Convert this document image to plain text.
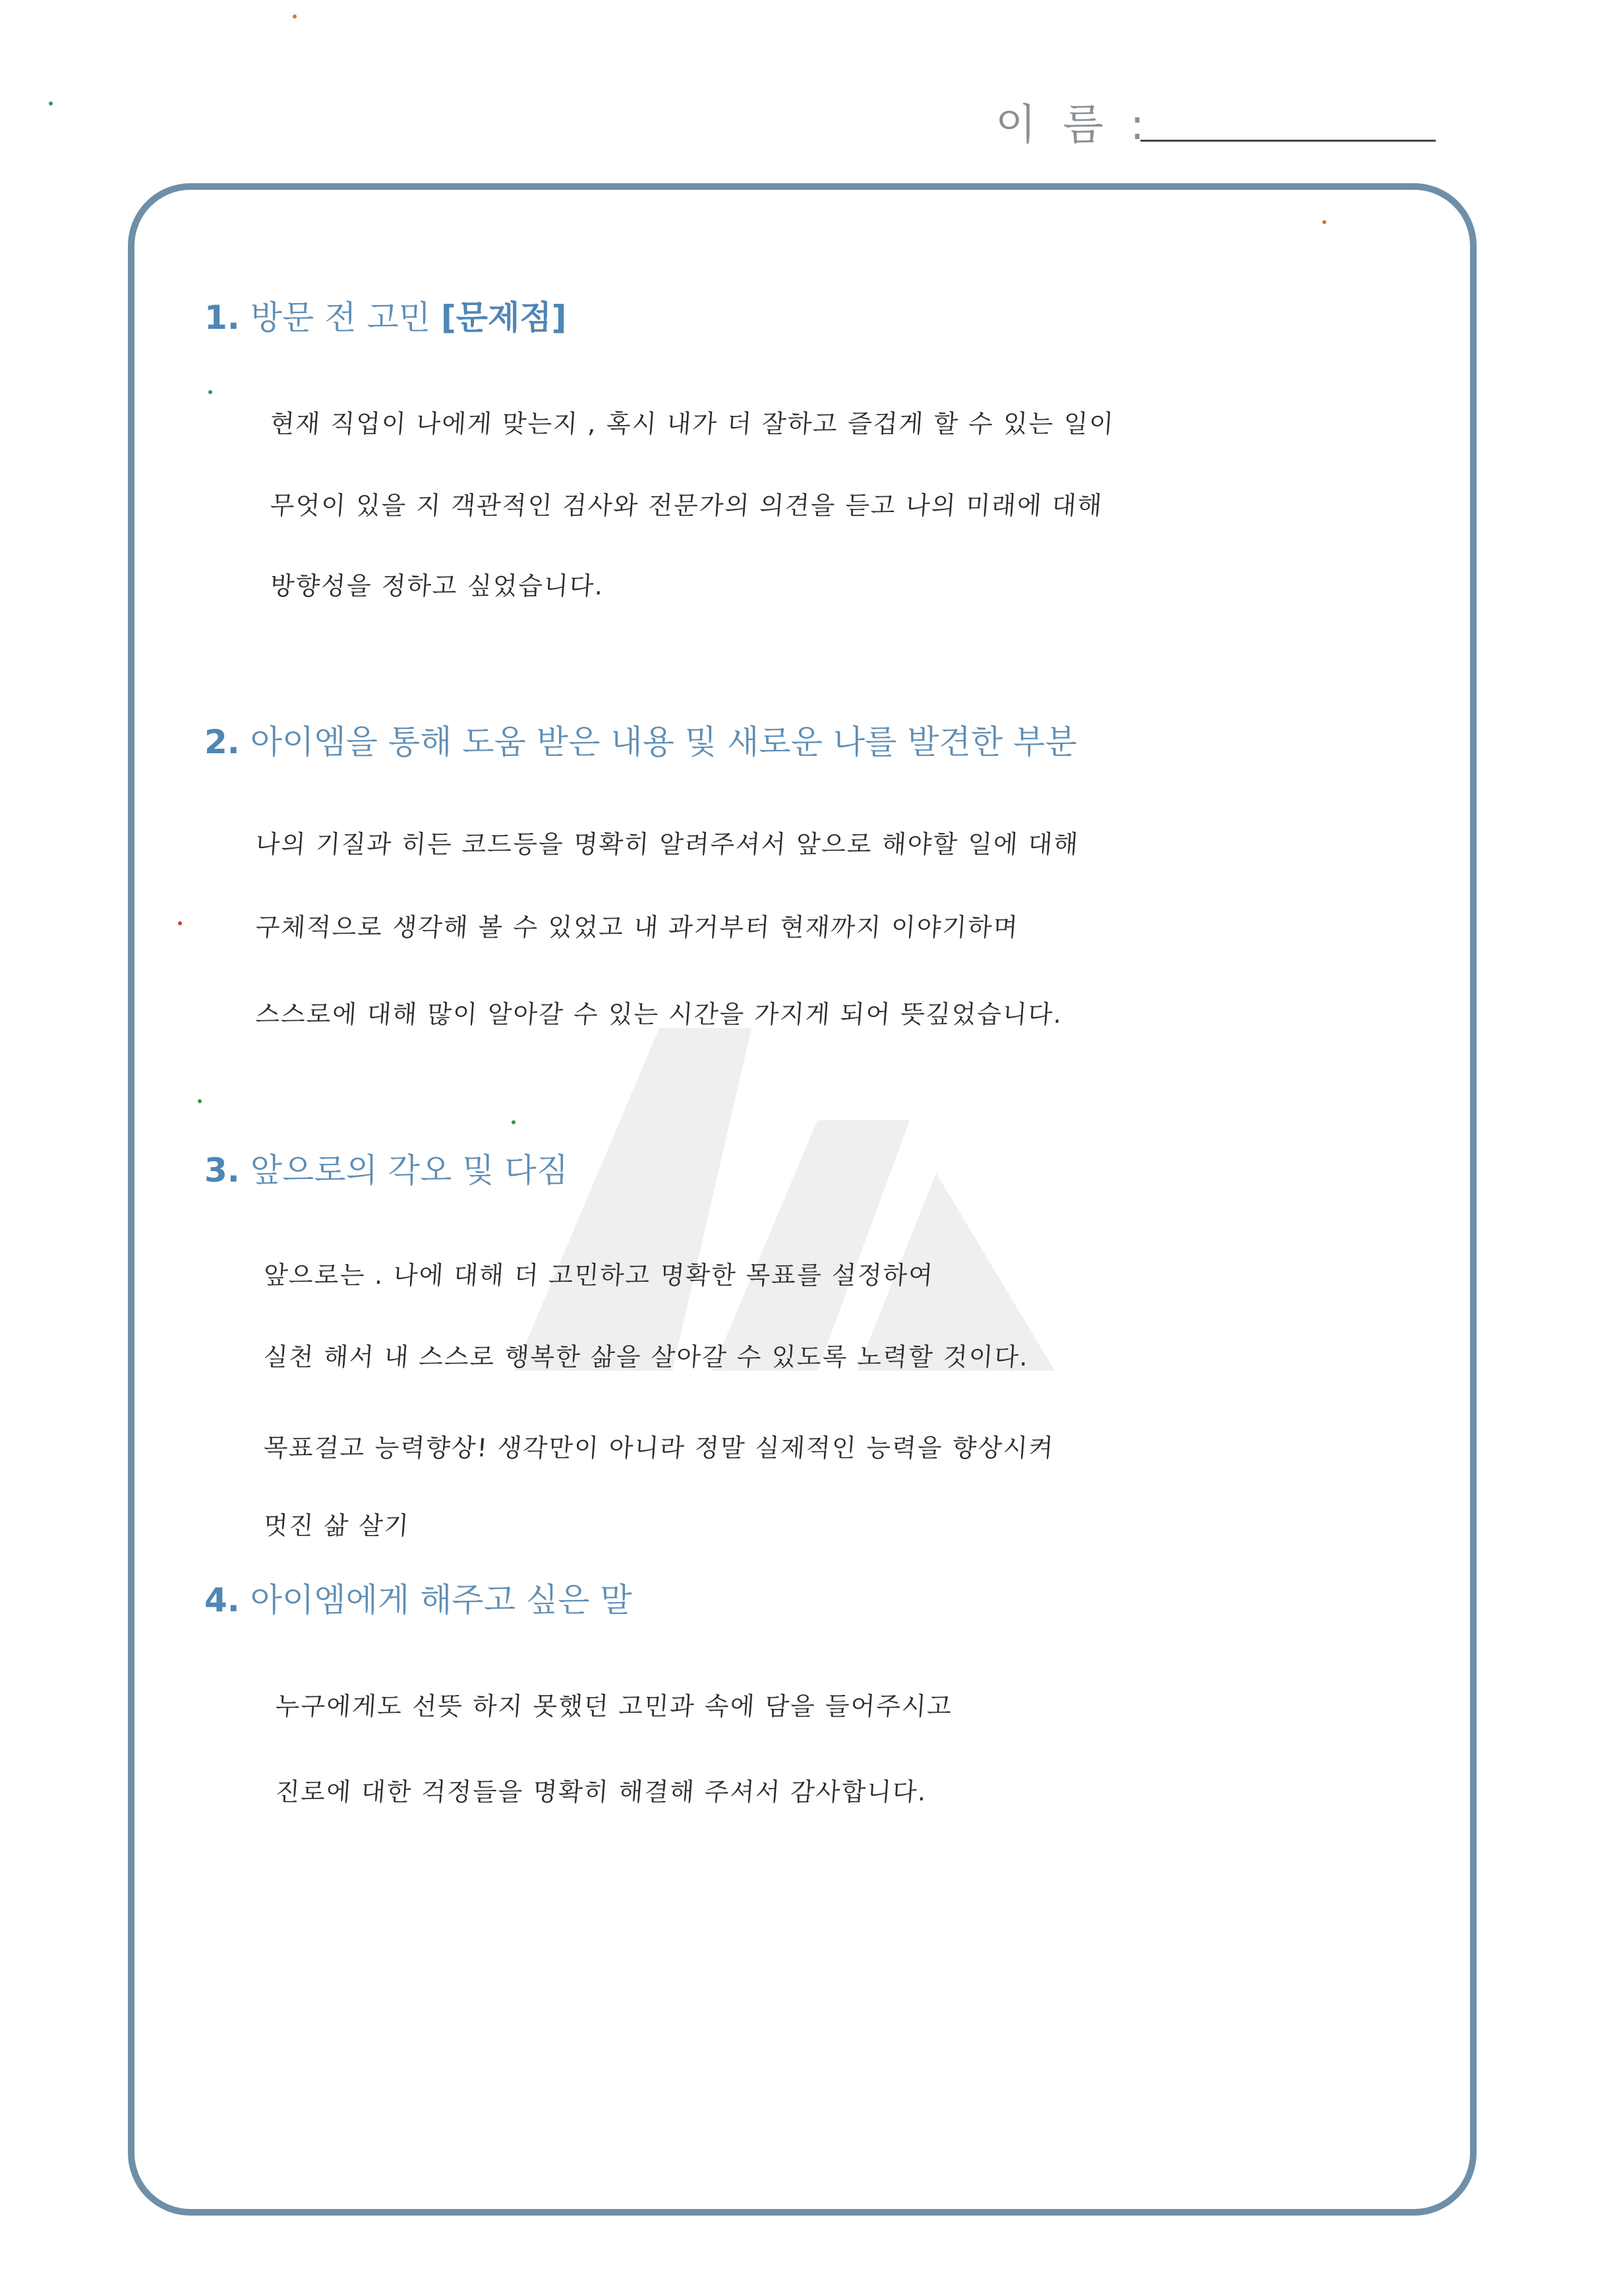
이 름 :
1. 방문 전 고민 [문제점]
현재 직업이 나에게 맞는지 , 혹시 내가 더 잘하고 즐겁게 할 수 있는 일이
무엇이 있을 지 객관적인 검사와 전문가의 의견을 듣고 나의 미래에 대해
방향성을 정하고 싶었습니다.
2. 아이엠을 통해 도움 받은 내용 및 새로운 나를 발견한 부분
나의 기질과 히든 코드등을 명확히 알려주셔서 앞으로 해야할 일에 대해
구체적으로 생각해 볼 수 있었고 내 과거부터 현재까지 이야기하며
스스로에 대해 많이 알아갈 수 있는 시간을 가지게 되어 뜻깊었습니다.
3. 앞으로의 각오 및 다짐
앞으로는 . 나에 대해 더 고민하고 명확한 목표를 설정하여
실천 해서 내 스스로 행복한 삶을 살아갈 수 있도록 노력할 것이다.
목표걸고 능력향상! 생각만이 아니라 정말 실제적인 능력을 향상시켜
멋진 삶 살기
4. 아이엠에게 해주고 싶은 말
누구에게도 선뜻 하지 못했던 고민과 속에 담을 들어주시고
진로에 대한 걱정들을 명확히 해결해 주셔서 감사합니다.
